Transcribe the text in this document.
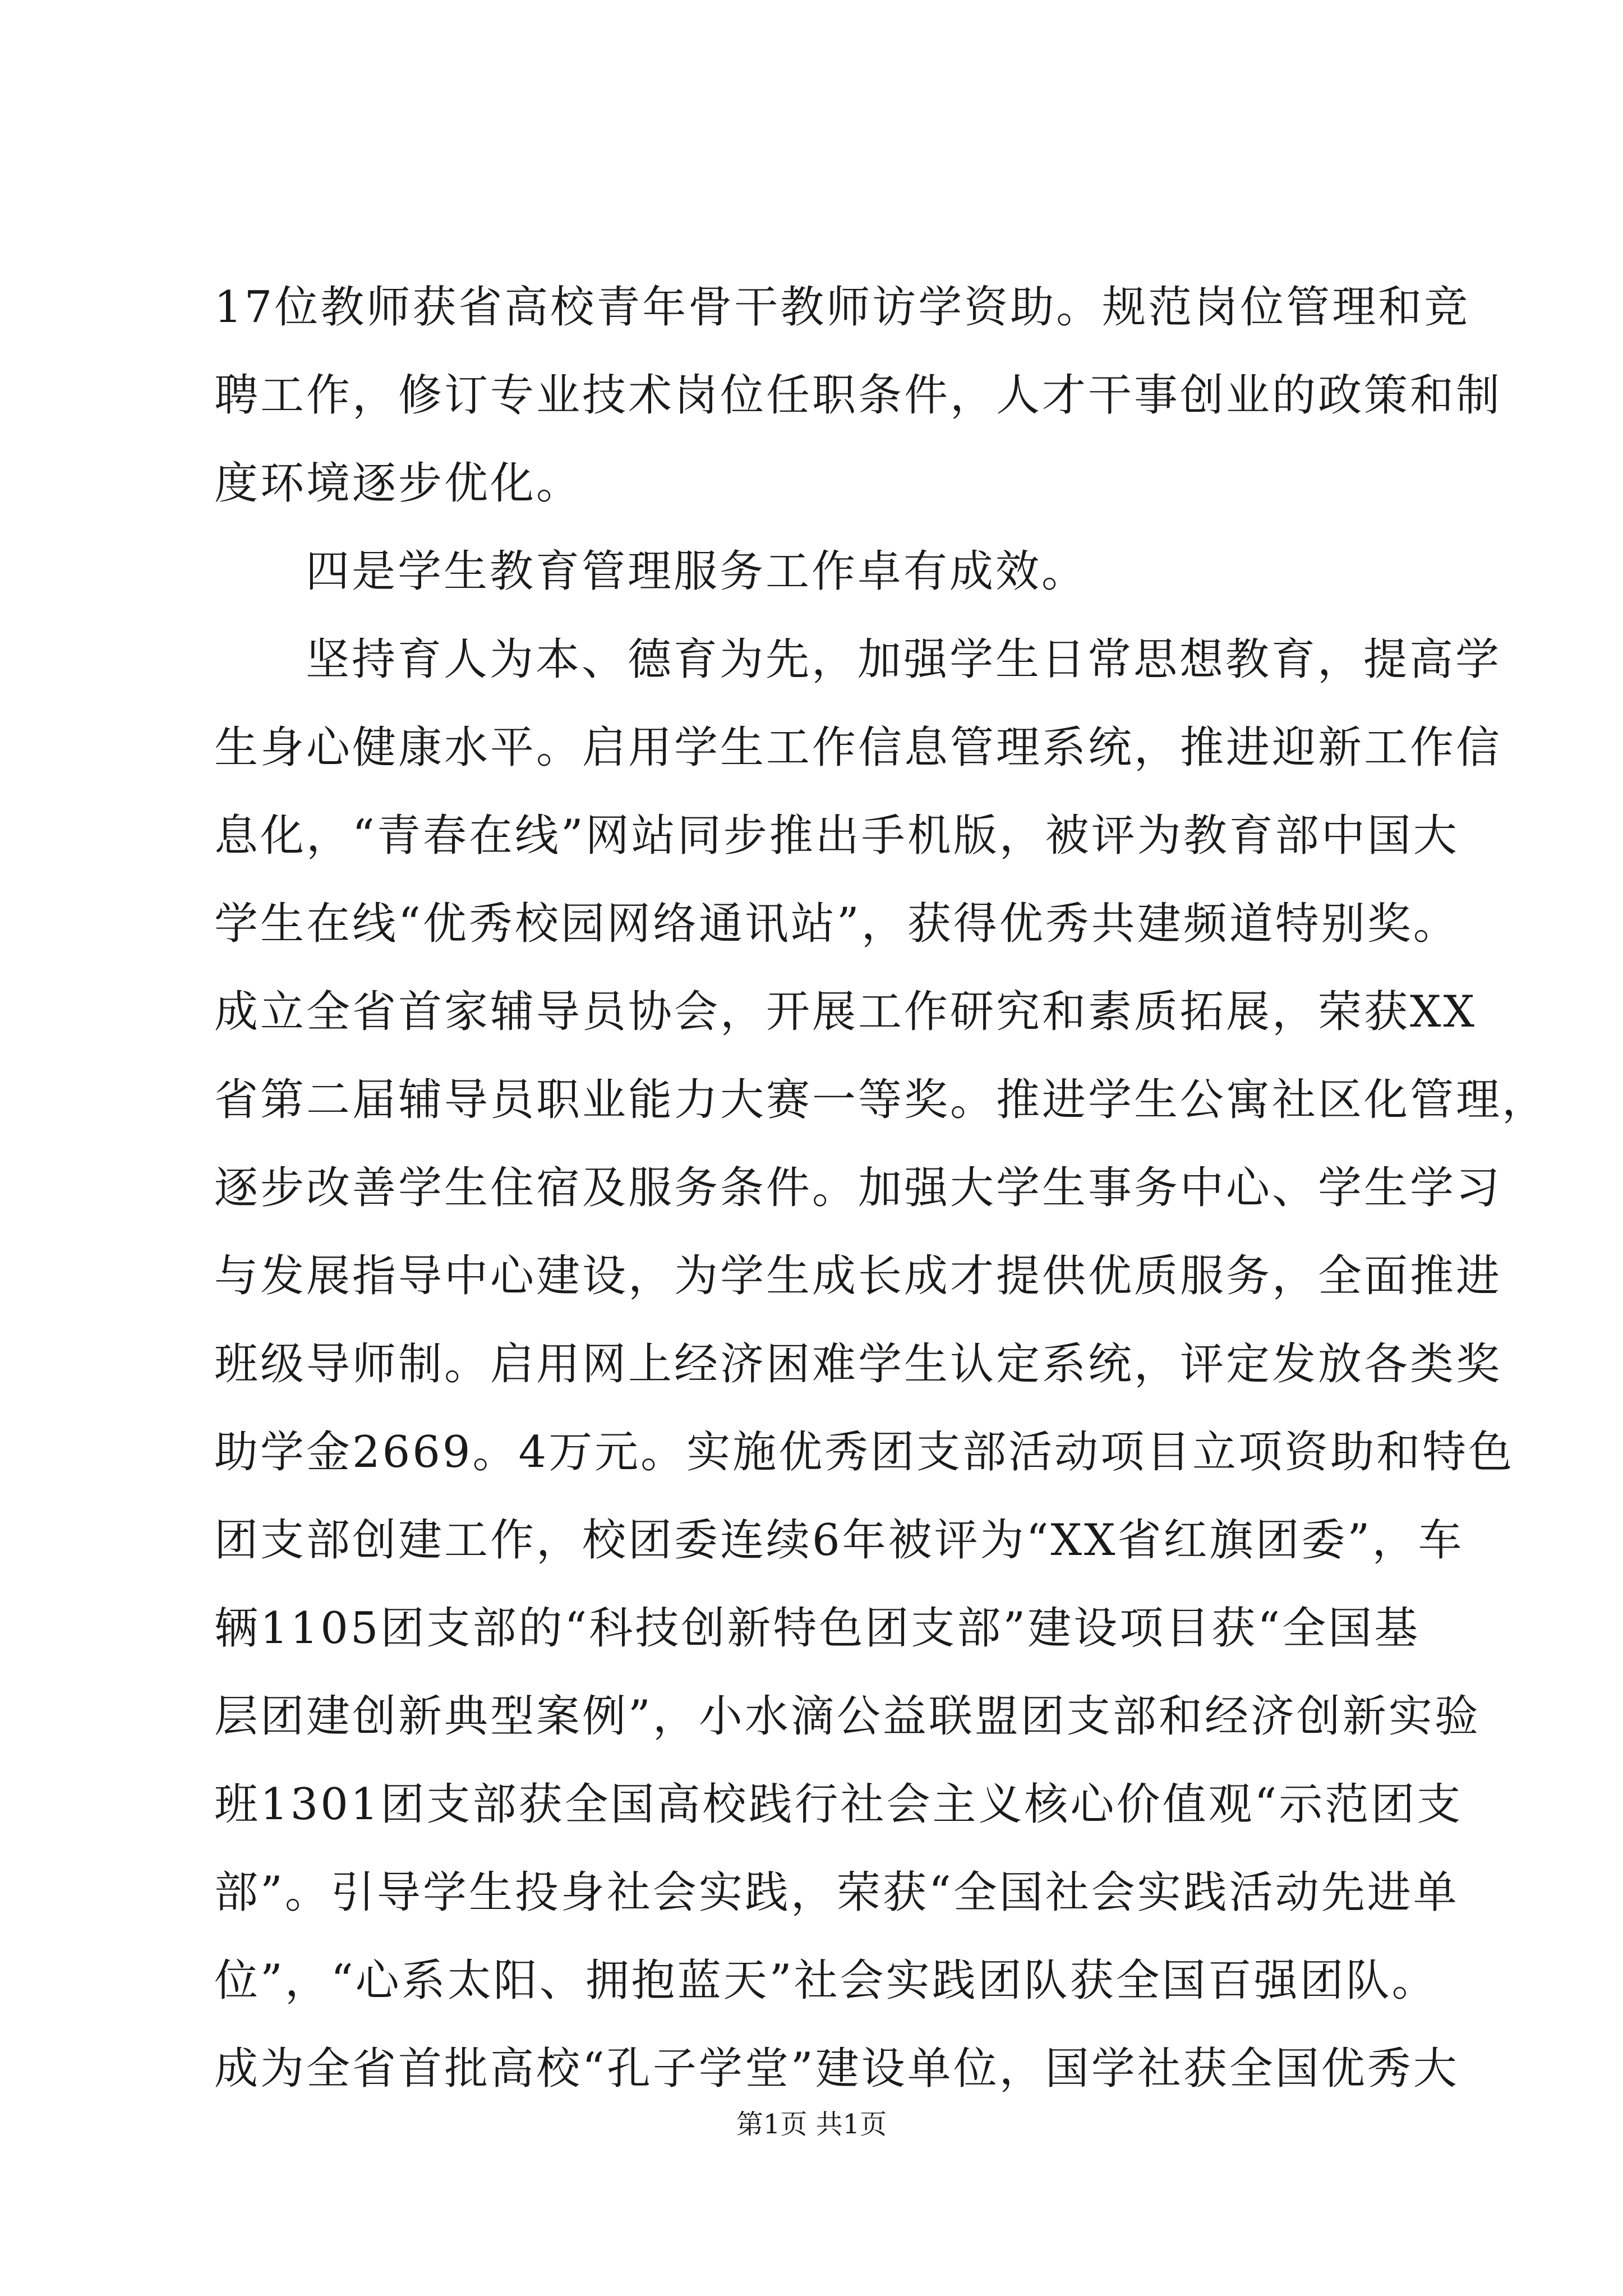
17位教师获省高校青年骨干教师访学资助。规范岗位管理和竞
聘工作，修订专业技术岗位任职条件，人才干事创业的政策和制
度环境逐步优化。
四是学生教育管理服务工作卓有成效。
坚持育人为本、德育为先，加强学生日常思想教育，提高学
生身心健康水平。启用学生工作信息管理系统，推进迎新工作信
息化，“青春在线”网站同步推出手机版，被评为教育部中国大
学生在线“优秀校园网络通讯站”，获得优秀共建频道特别奖。
成立全省首家辅导员协会，开展工作研究和素质拓展，荣获XX
省第二届辅导员职业能力大赛一等奖。推进学生公寓社区化管理，
逐步改善学生住宿及服务条件。加强大学生事务中心、学生学习
与发展指导中心建设，为学生成长成才提供优质服务，全面推进
班级导师制。启用网上经济困难学生认定系统，评定发放各类奖
助学金2669。4万元。实施优秀团支部活动项目立项资助和特色
团支部创建工作，校团委连续6年被评为“XX省红旗团委”，车
辆1105团支部的“科技创新特色团支部”建设项目获“全国基
层团建创新典型案例”，小水滴公益联盟团支部和经济创新实验
班1301团支部获全国高校践行社会主义核心价值观“示范团支
部”。引导学生投身社会实践，荣获“全国社会实践活动先进单
位”，“心系太阳、拥抱蓝天”社会实践团队获全国百强团队。
成为全省首批高校“孔子学堂”建设单位，国学社获全国优秀大
第1页 共1页
